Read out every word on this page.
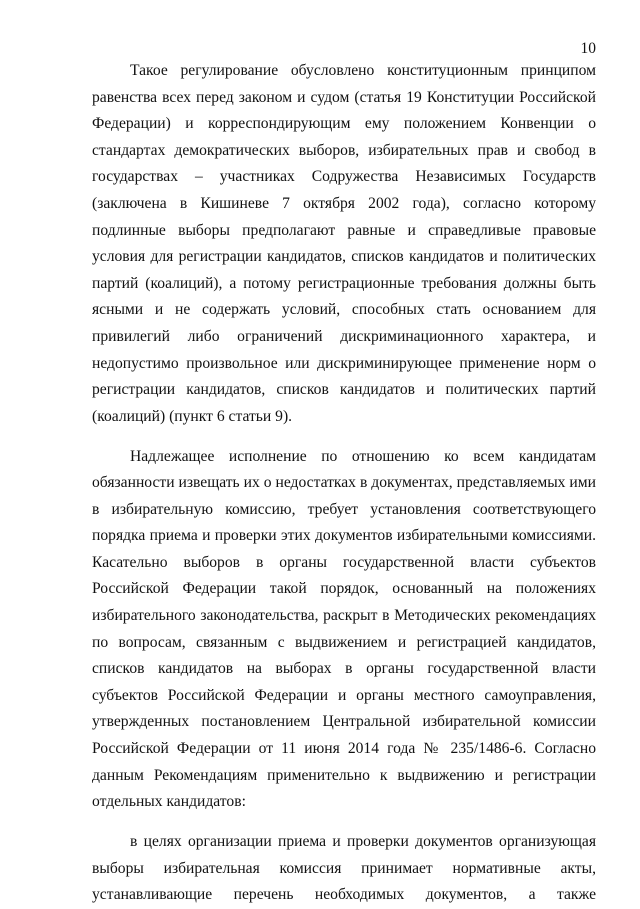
10
Такое регулирование обусловлено конституционным принципом
равенства всех перед законом и судом (статья 19 Конституции Российской
Федерации) и корреспондирующим ему положением Конвенции о
стандартах демократических выборов, избирательных прав и свобод в
государствах – участниках Содружества Независимых Государств
(заключена в Кишиневе 7 октября 2002 года), согласно которому
подлинные выборы предполагают равные и справедливые правовые
условия для регистрации кандидатов, списков кандидатов и политических
партий (коалиций), а потому регистрационные требования должны быть
ясными и не содержать условий, способных стать основанием для
привилегий либо ограничений дискриминационного характера, и
недопустимо произвольное или дискриминирующее применение норм о
регистрации кандидатов, списков кандидатов и политических партий
(коалиций) (пункт 6 статьи 9).
Надлежащее исполнение по отношению ко всем кандидатам
обязанности извещать их о недостатках в документах, представляемых ими
в избирательную комиссию, требует установления соответствующего
порядка приема и проверки этих документов избирательными комиссиями.
Касательно выборов в органы государственной власти субъектов
Российской Федерации такой порядок, основанный на положениях
избирательного законодательства, раскрыт в Методических рекомендациях
по вопросам, связанным с выдвижением и регистрацией кандидатов,
списков кандидатов на выборах в органы государственной власти
субъектов Российской Федерации и органы местного самоуправления,
утвержденных постановлением Центральной избирательной комиссии
Российской Федерации от 11 июня 2014 года № 235/1486-6. Согласно
данным Рекомендациям применительно к выдвижению и регистрации
отдельных кандидатов:
в целях организации приема и проверки документов организующая
выборы избирательная комиссия принимает нормативные акты,
устанавливающие перечень необходимых документов, а также
